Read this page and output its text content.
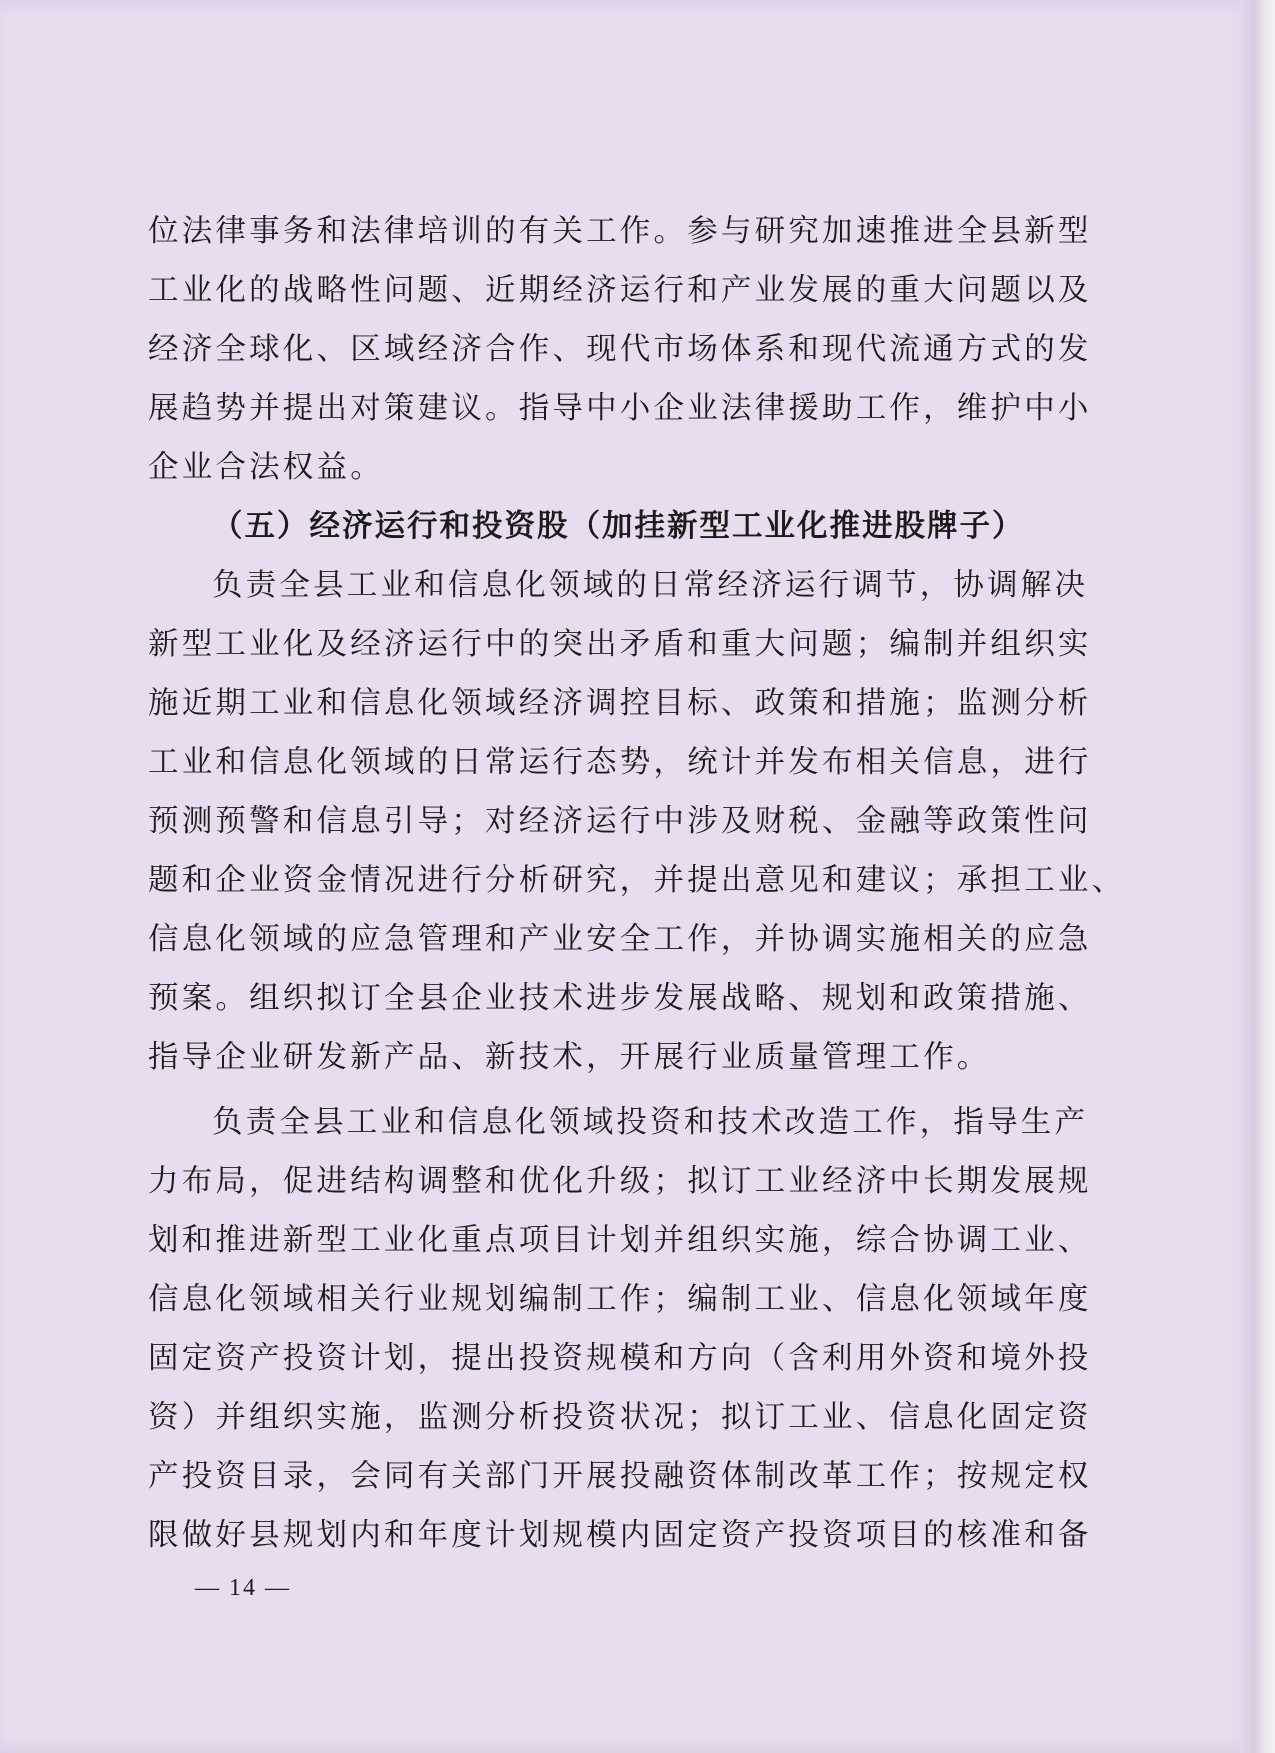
位法律事务和法律培训的有关工作。参与研究加速推进全县新型
工业化的战略性问题、近期经济运行和产业发展的重大问题以及
经济全球化、区域经济合作、现代市场体系和现代流通方式的发
展趋势并提出对策建议。指导中小企业法律援助工作，维护中小
企业合法权益。
（五）经济运行和投资股（加挂新型工业化推进股牌子）
负责全县工业和信息化领域的日常经济运行调节，协调解决
新型工业化及经济运行中的突出矛盾和重大问题；编制并组织实
施近期工业和信息化领域经济调控目标、政策和措施；监测分析
工业和信息化领域的日常运行态势，统计并发布相关信息，进行
预测预警和信息引导；对经济运行中涉及财税、金融等政策性问
题和企业资金情况进行分析研究，并提出意见和建议；承担工业、
信息化领域的应急管理和产业安全工作，并协调实施相关的应急
预案。组织拟订全县企业技术进步发展战略、规划和政策措施、
指导企业研发新产品、新技术，开展行业质量管理工作。
负责全县工业和信息化领域投资和技术改造工作，指导生产
力布局，促进结构调整和优化升级；拟订工业经济中长期发展规
划和推进新型工业化重点项目计划并组织实施，综合协调工业、
信息化领域相关行业规划编制工作；编制工业、信息化领域年度
固定资产投资计划，提出投资规模和方向（含利用外资和境外投
资）并组织实施，监测分析投资状况；拟订工业、信息化固定资
产投资目录，会同有关部门开展投融资体制改革工作；按规定权
限做好县规划内和年度计划规模内固定资产投资项目的核准和备
— 14 —
